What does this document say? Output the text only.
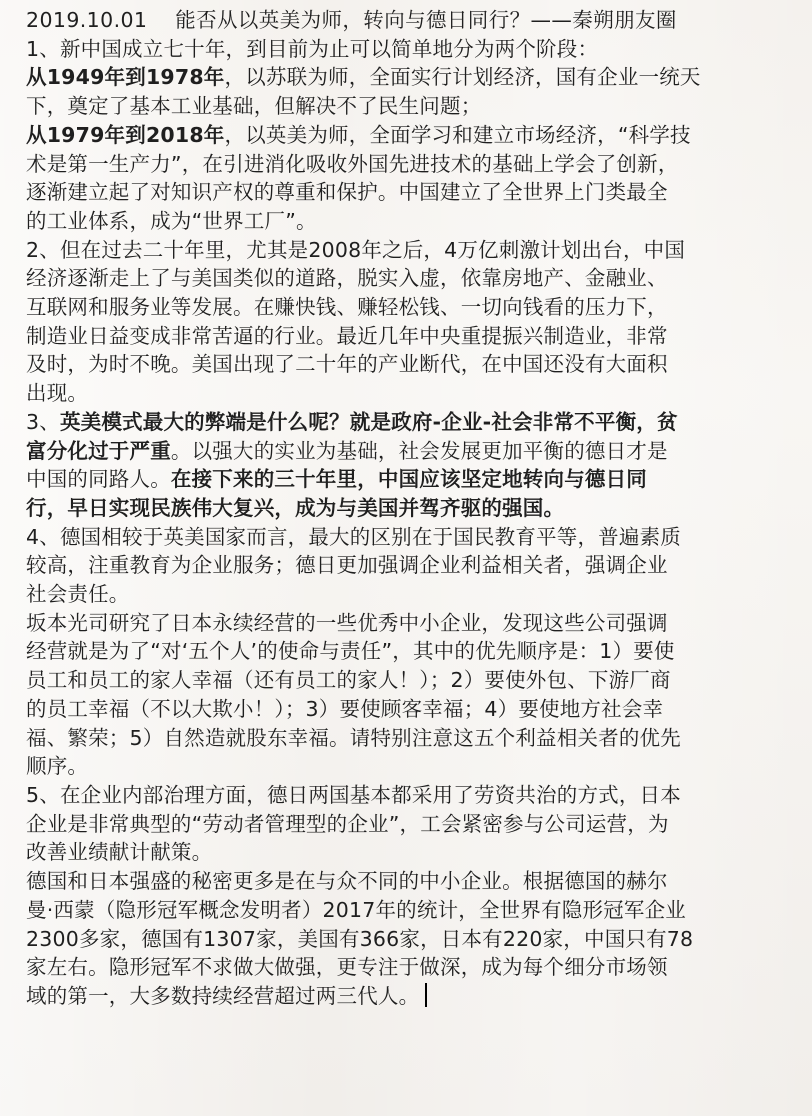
2019.10.01　 能否从以英美为师，转向与德日同行？——秦朔朋友圈

1、新中国成立七十年，到目前为止可以简单地分为两个阶段：

从1949年到1978年，以苏联为师，全面实行计划经济，国有企业一统天

下，奠定了基本工业基础，但解决不了民生问题；

从1979年到2018年，以英美为师，全面学习和建立市场经济，“科学技

术是第一生产力”，在引进消化吸收外国先进技术的基础上学会了创新，

逐渐建立起了对知识产权的尊重和保护。中国建立了全世界上门类最全

的工业体系，成为“世界工厂”。

2、但在过去二十年里，尤其是2008年之后，4万亿刺激计划出台，中国

经济逐渐走上了与美国类似的道路，脱实入虚，依靠房地产、金融业、

互联网和服务业等发展。在赚快钱、赚轻松钱、一切向钱看的压力下，

制造业日益变成非常苦逼的行业。最近几年中央重提振兴制造业，非常

及时，为时不晚。美国出现了二十年的产业断代，在中国还没有大面积

出现。

3、英美模式最大的弊端是什么呢？就是政府-企业-社会非常不平衡，贫

富分化过于严重。以强大的实业为基础，社会发展更加平衡的德日才是

中国的同路人。在接下来的三十年里，中国应该坚定地转向与德日同

行，早日实现民族伟大复兴，成为与美国并驾齐驱的强国。

4、德国相较于英美国家而言，最大的区别在于国民教育平等，普遍素质

较高，注重教育为企业服务；德日更加强调企业利益相关者，强调企业

社会责任。

坂本光司研究了日本永续经营的一些优秀中小企业，发现这些公司强调

经营就是为了“对‘五个人’的使命与责任”，其中的优先顺序是：1）要使

员工和员工的家人幸福（还有员工的家人！）；2）要使外包、下游厂商

的员工幸福（不以大欺小！）；3）要使顾客幸福；4）要使地方社会幸

福、繁荣；5）自然造就股东幸福。请特别注意这五个利益相关者的优先

顺序。

5、在企业内部治理方面，德日两国基本都采用了劳资共治的方式，日本

企业是非常典型的“劳动者管理型的企业”，工会紧密参与公司运营，为

改善业绩献计献策。

德国和日本强盛的秘密更多是在与众不同的中小企业。根据德国的赫尔

曼·西蒙（隐形冠军概念发明者）2017年的统计，全世界有隐形冠军企业

2300多家，德国有1307家，美国有366家，日本有220家，中国只有78

家左右。隐形冠军不求做大做强，更专注于做深，成为每个细分市场领

域的第一，大多数持续经营超过两三代人。
